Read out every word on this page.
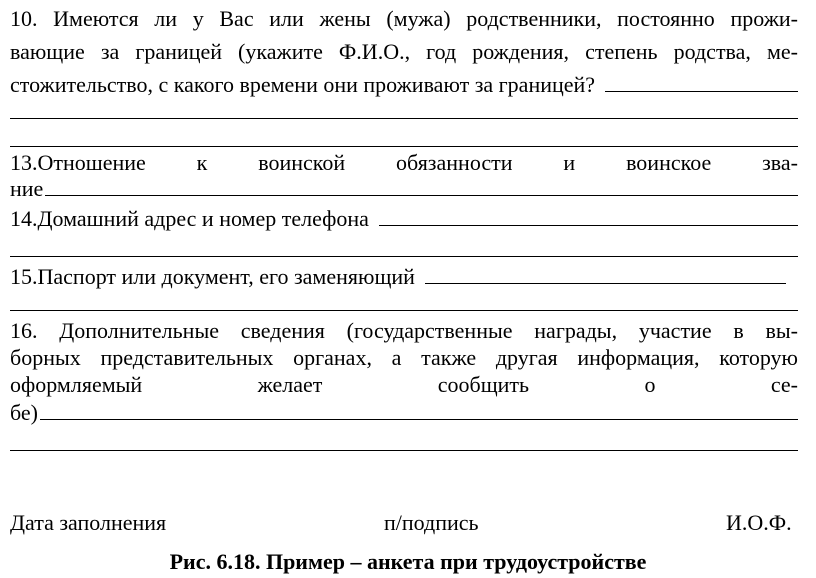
10. Имеются ли у Вас или жены (мужа) родственники, постоянно прожи-
вающие за границей (укажите Ф.И.О., год рождения, степень родства, ме-
стожительство, с какого времени они проживают за границей?
13.Отношение к воинской обязанности и воинское зва-
ние
14.Домашний адрес и номер телефона
15.Паспорт или документ, его заменяющий
16. Дополнительные сведения (государственные награды, участие в вы-
борных представительных органах, а также другая информация, которую
оформляемый желает сообщить о се-
бе)
Дата заполнения	п/подпись	И.О.Ф.
Рис. 6.18. Пример – анкета при трудоустройстве
